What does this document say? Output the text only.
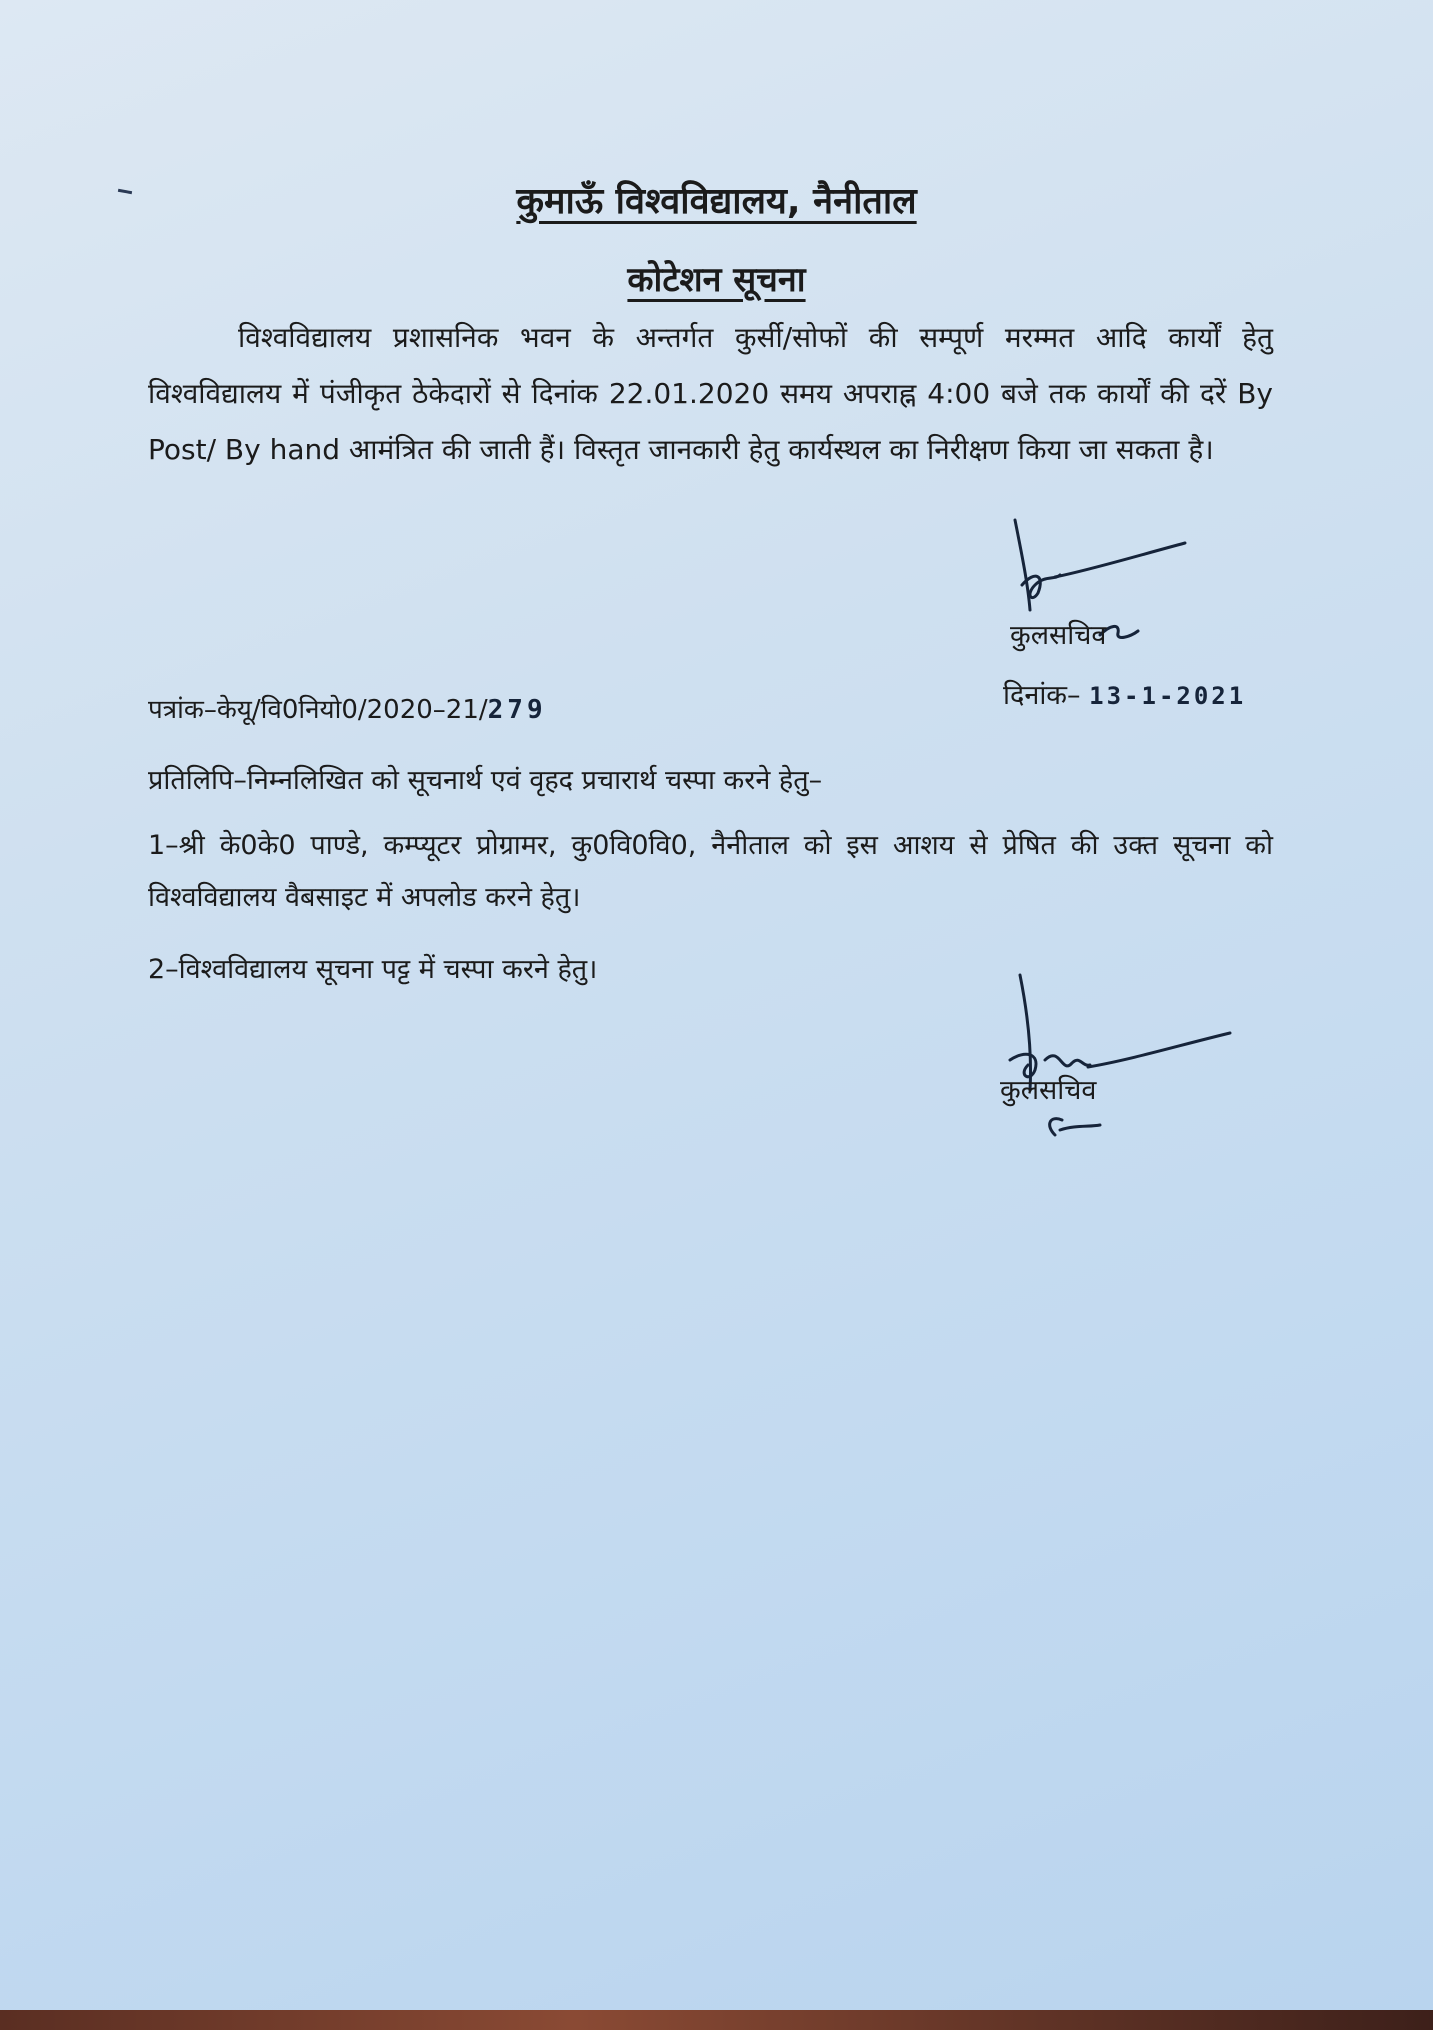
कुमाऊँ विश्वविद्यालय, नैनीताल
कोटेशन सूचना
विश्वविद्यालय प्रशासनिक भवन के अन्तर्गत कुर्सी/सोफों की सम्पूर्ण मरम्मत आदि कार्यों हेतु विश्वविद्यालय में पंजीकृत ठेकेदारों से दिनांक 22.01.2020 समय अपराह्न 4:00 बजे तक कार्यों की दरें By Post/ By hand आमंत्रित की जाती हैं। विस्तृत जानकारी हेतु कार्यस्थल का निरीक्षण किया जा सकता है।
कुलसचिव
दिनांक– 13-1-2021
पत्रांक–केयू/वि0नियो0/2020–21/279
प्रतिलिपि–निम्नलिखित को सूचनार्थ एवं वृहद प्रचारार्थ चस्पा करने हेतु–
1–श्री के0के0 पाण्डे, कम्प्यूटर प्रोग्रामर, कु0वि0वि0, नैनीताल को इस आशय से प्रेषित की उक्त सूचना को विश्वविद्यालय वैबसाइट में अपलोड करने हेतु।
2–विश्वविद्यालय सूचना पट्ट में चस्पा करने हेतु।
कुलसचिव
